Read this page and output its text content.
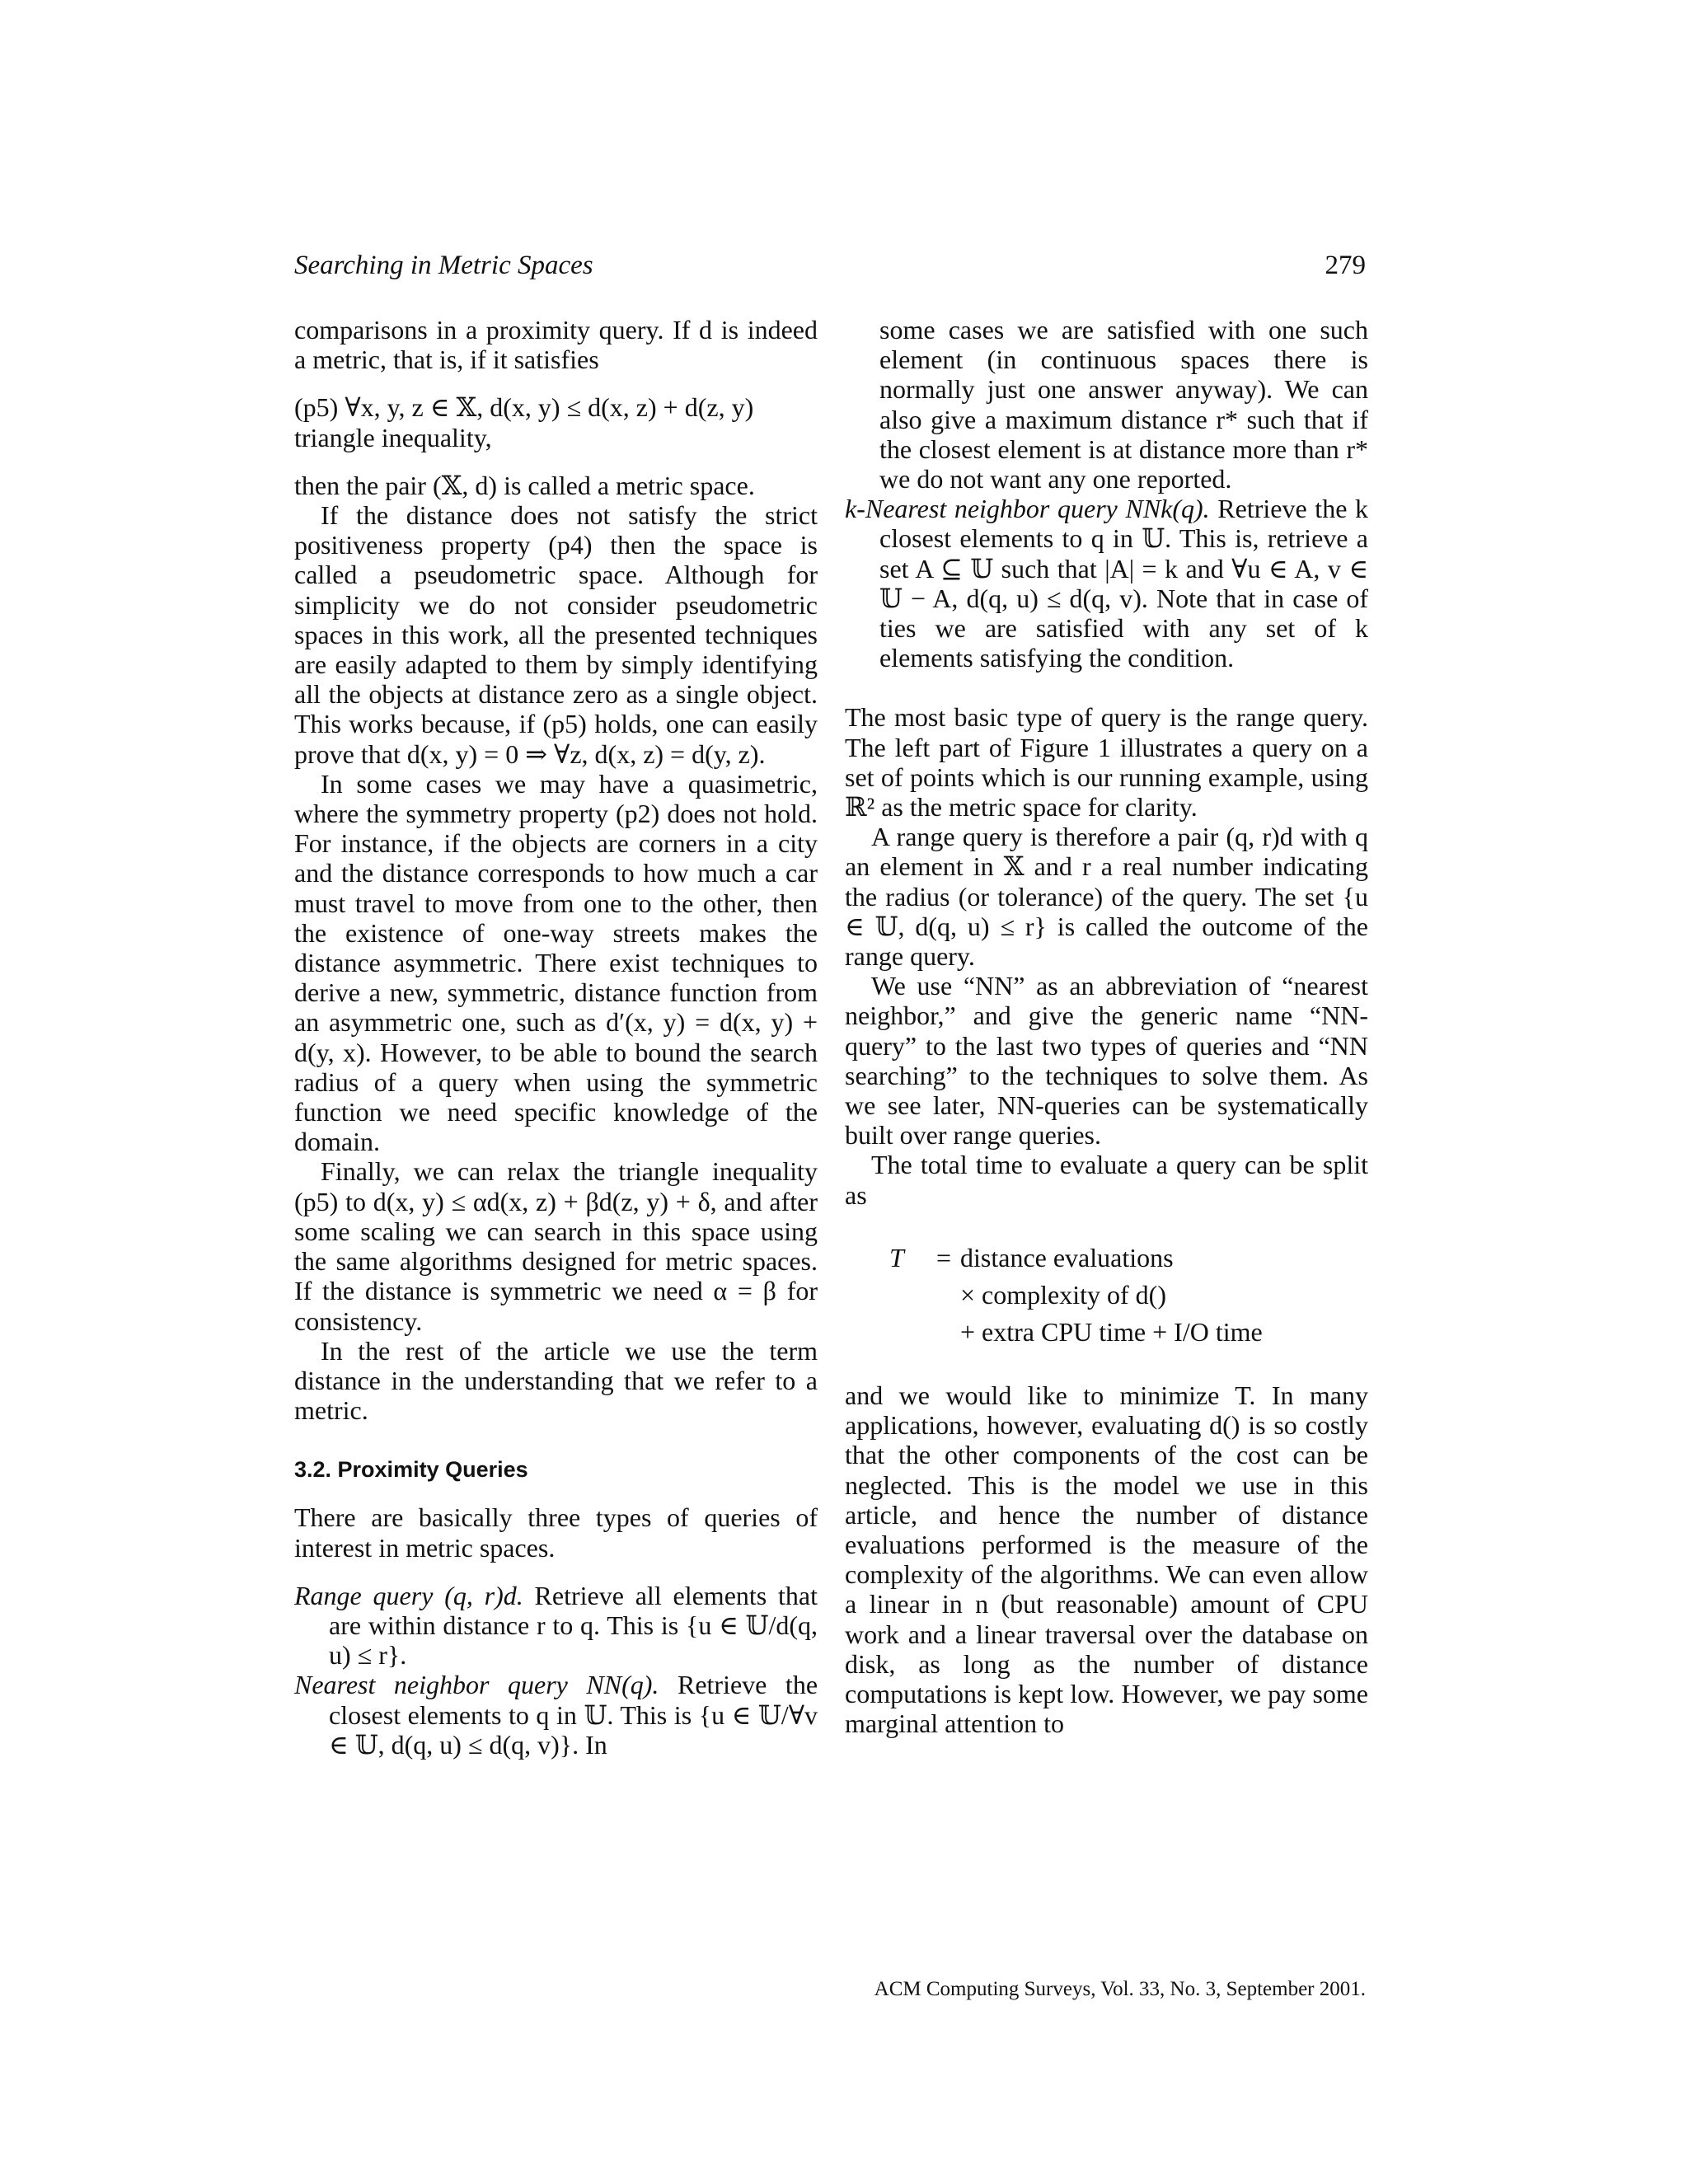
Searching in Metric Spaces	279

comparisons in a proximity query. If d is indeed a metric, that is, if it satisfies

(p5) ∀x, y, z ∈ 𝕏, d(x, y) ≤ d(x, z) + d(z, y)

triangle inequality,

then the pair (𝕏, d) is called a metric space.

If the distance does not satisfy the strict positiveness property (p4) then the space is called a pseudometric space. Although for simplicity we do not consider pseudometric spaces in this work, all the presented techniques are easily adapted to them by simply identifying all the objects at distance zero as a single object. This works because, if (p5) holds, one can easily prove that d(x, y) = 0 ⇒ ∀z, d(x, z) = d(y, z).

In some cases we may have a quasimetric, where the symmetry property (p2) does not hold. For instance, if the objects are corners in a city and the distance corresponds to how much a car must travel to move from one to the other, then the existence of one-way streets makes the distance asymmetric. There exist techniques to derive a new, symmetric, distance function from an asymmetric one, such as d′(x, y) = d(x, y) + d(y, x). However, to be able to bound the search radius of a query when using the symmetric function we need specific knowledge of the domain.

Finally, we can relax the triangle inequality (p5) to d(x, y) ≤ αd(x, z) + βd(z, y) + δ, and after some scaling we can search in this space using the same algorithms designed for metric spaces. If the distance is symmetric we need α = β for consistency.

In the rest of the article we use the term distance in the understanding that we refer to a metric.

3.2. Proximity Queries

There are basically three types of queries of interest in metric spaces.

Range query (q, r)d. Retrieve all elements that are within distance r to q. This is {u ∈ 𝕌/d(q, u) ≤ r}.

Nearest neighbor query NN(q). Retrieve the closest elements to q in 𝕌. This is {u ∈ 𝕌/∀v ∈ 𝕌, d(q, u) ≤ d(q, v)}. In

some cases we are satisfied with one such element (in continuous spaces there is normally just one answer anyway). We can also give a maximum distance r* such that if the closest element is at distance more than r* we do not want any one reported.

k-Nearest neighbor query NNk(q). Retrieve the k closest elements to q in 𝕌. This is, retrieve a set A ⊆ 𝕌 such that |A| = k and ∀u ∈ A, v ∈ 𝕌 − A, d(q, u) ≤ d(q, v). Note that in case of ties we are satisfied with any set of k elements satisfying the condition.

The most basic type of query is the range query. The left part of Figure 1 illustrates a query on a set of points which is our running example, using ℝ² as the metric space for clarity.

A range query is therefore a pair (q, r)d with q an element in 𝕏 and r a real number indicating the radius (or tolerance) of the query. The set {u ∈ 𝕌, d(q, u) ≤ r} is called the outcome of the range query.

We use “NN” as an abbreviation of “nearest neighbor,” and give the generic name “NN-query” to the last two types of queries and “NN searching” to the techniques to solve them. As we see later, NN-queries can be systematically built over range queries.

The total time to evaluate a query can be split as

T	= distance evaluations
× complexity of d()
+ extra CPU time + I/O time

and we would like to minimize T. In many applications, however, evaluating d() is so costly that the other components of the cost can be neglected. This is the model we use in this article, and hence the number of distance evaluations performed is the measure of the complexity of the algorithms. We can even allow a linear in n (but reasonable) amount of CPU work and a linear traversal over the database on disk, as long as the number of distance computations is kept low. However, we pay some marginal attention to

ACM Computing Surveys, Vol. 33, No. 3, September 2001.
